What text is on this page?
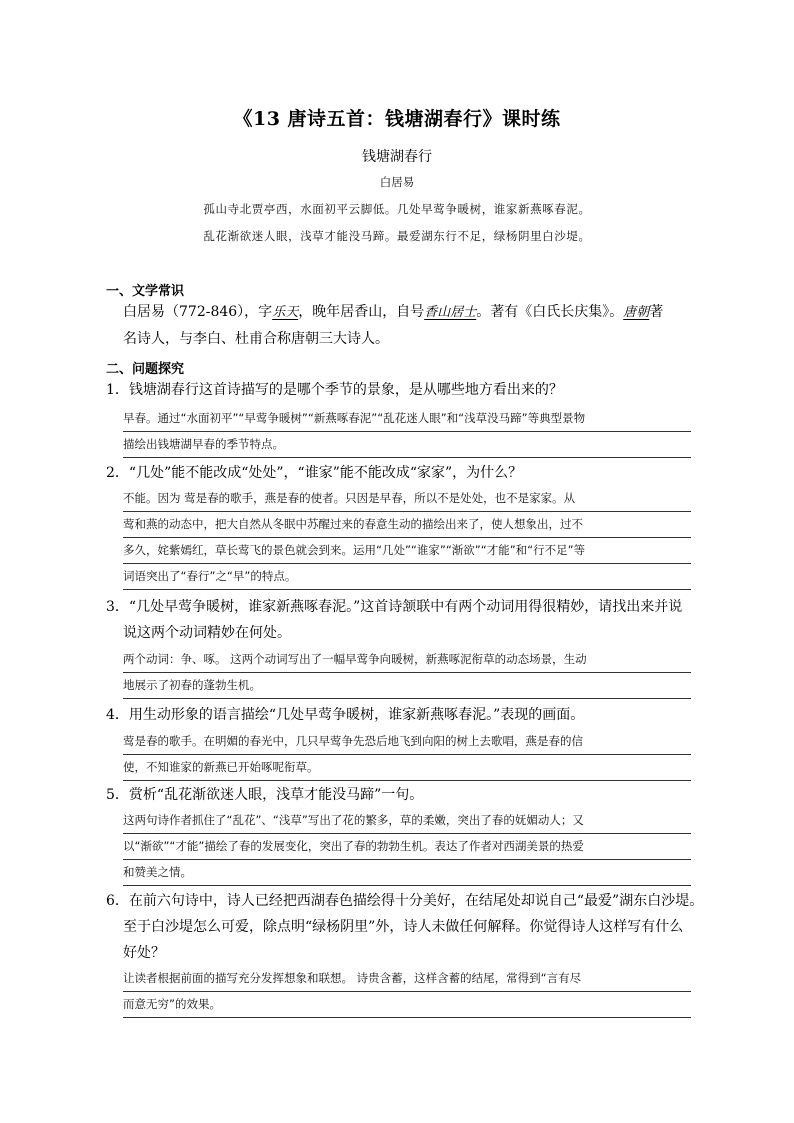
《13 唐诗五首：钱塘湖春行》课时练
钱塘湖春行
白居易
孤山寺北贾亭西，水面初平云脚低。几处早莺争暖树，谁家新燕啄春泥。
乱花渐欲迷人眼，浅草才能没马蹄。最爱湖东行不足，绿杨阴里白沙堤。
一、文学常识
白居易（772-846），字乐天，晚年居香山，自号香山居士。著有《白氏长庆集》。唐朝著
名诗人，与李白、杜甫合称唐朝三大诗人。
二、问题探究
1．钱塘湖春行这首诗描写的是哪个季节的景象，是从哪些地方看出来的？
早春。通过“水面初平”“早莺争暖树”“新燕啄春泥”“乱花迷人眼”和“浅草没马蹄”等典型景物
描绘出钱塘湖早春的季节特点。
2．“几处”能不能改成“处处”，“谁家”能不能改成“家家”，为什么？
不能。因为 莺是春的歌手，燕是春的使者。只因是早春，所以不是处处，也不是家家。从
莺和燕的动态中，把大自然从冬眠中苏醒过来的春意生动的描绘出来了，使人想象出，过不
多久，姹紫嫣红，草长莺飞的景色就会到来。运用“几处”“谁家”“渐欲”“才能”和“行不足”等
词语突出了“春行”之“早”的特点。
3．“几处早莺争暖树，谁家新燕啄春泥。”这首诗颔联中有两个动词用得很精妙，请找出来并说
说这两个动词精妙在何处。
两个动词：争、啄。 这两个动词写出了一幅早莺争向暖树，新燕啄泥衔草的动态场景，生动
地展示了初春的蓬勃生机。
4．用生动形象的语言描绘“几处早莺争暖树，谁家新燕啄春泥。”表现的画面。
莺是春的歌手。在明媚的春光中，几只早莺争先恐后地飞到向阳的树上去歌唱，燕是春的信
使，不知谁家的新燕已开始啄呢衔草。
5．赏析“乱花渐欲迷人眼，浅草才能没马蹄”一句。
这两句诗作者抓住了“乱花”、“浅草”写出了花的繁多，草的柔嫩，突出了春的妩媚动人；又
以“渐欲”“才能”描绘了春的发展变化，突出了春的勃勃生机。表达了作者对西湖美景的热爱
和赞美之情。
6．在前六句诗中，诗人已经把西湖春色描绘得十分美好，在结尾处却说自己“最爱”湖东白沙堤。
至于白沙堤怎么可爱，除点明“绿杨阴里”外，诗人未做任何解释。你觉得诗人这样写有什么
好处？
让读者根据前面的描写充分发挥想象和联想。 诗贵含蓄，这样含蓄的结尾，常得到“言有尽
而意无穷”的效果。
